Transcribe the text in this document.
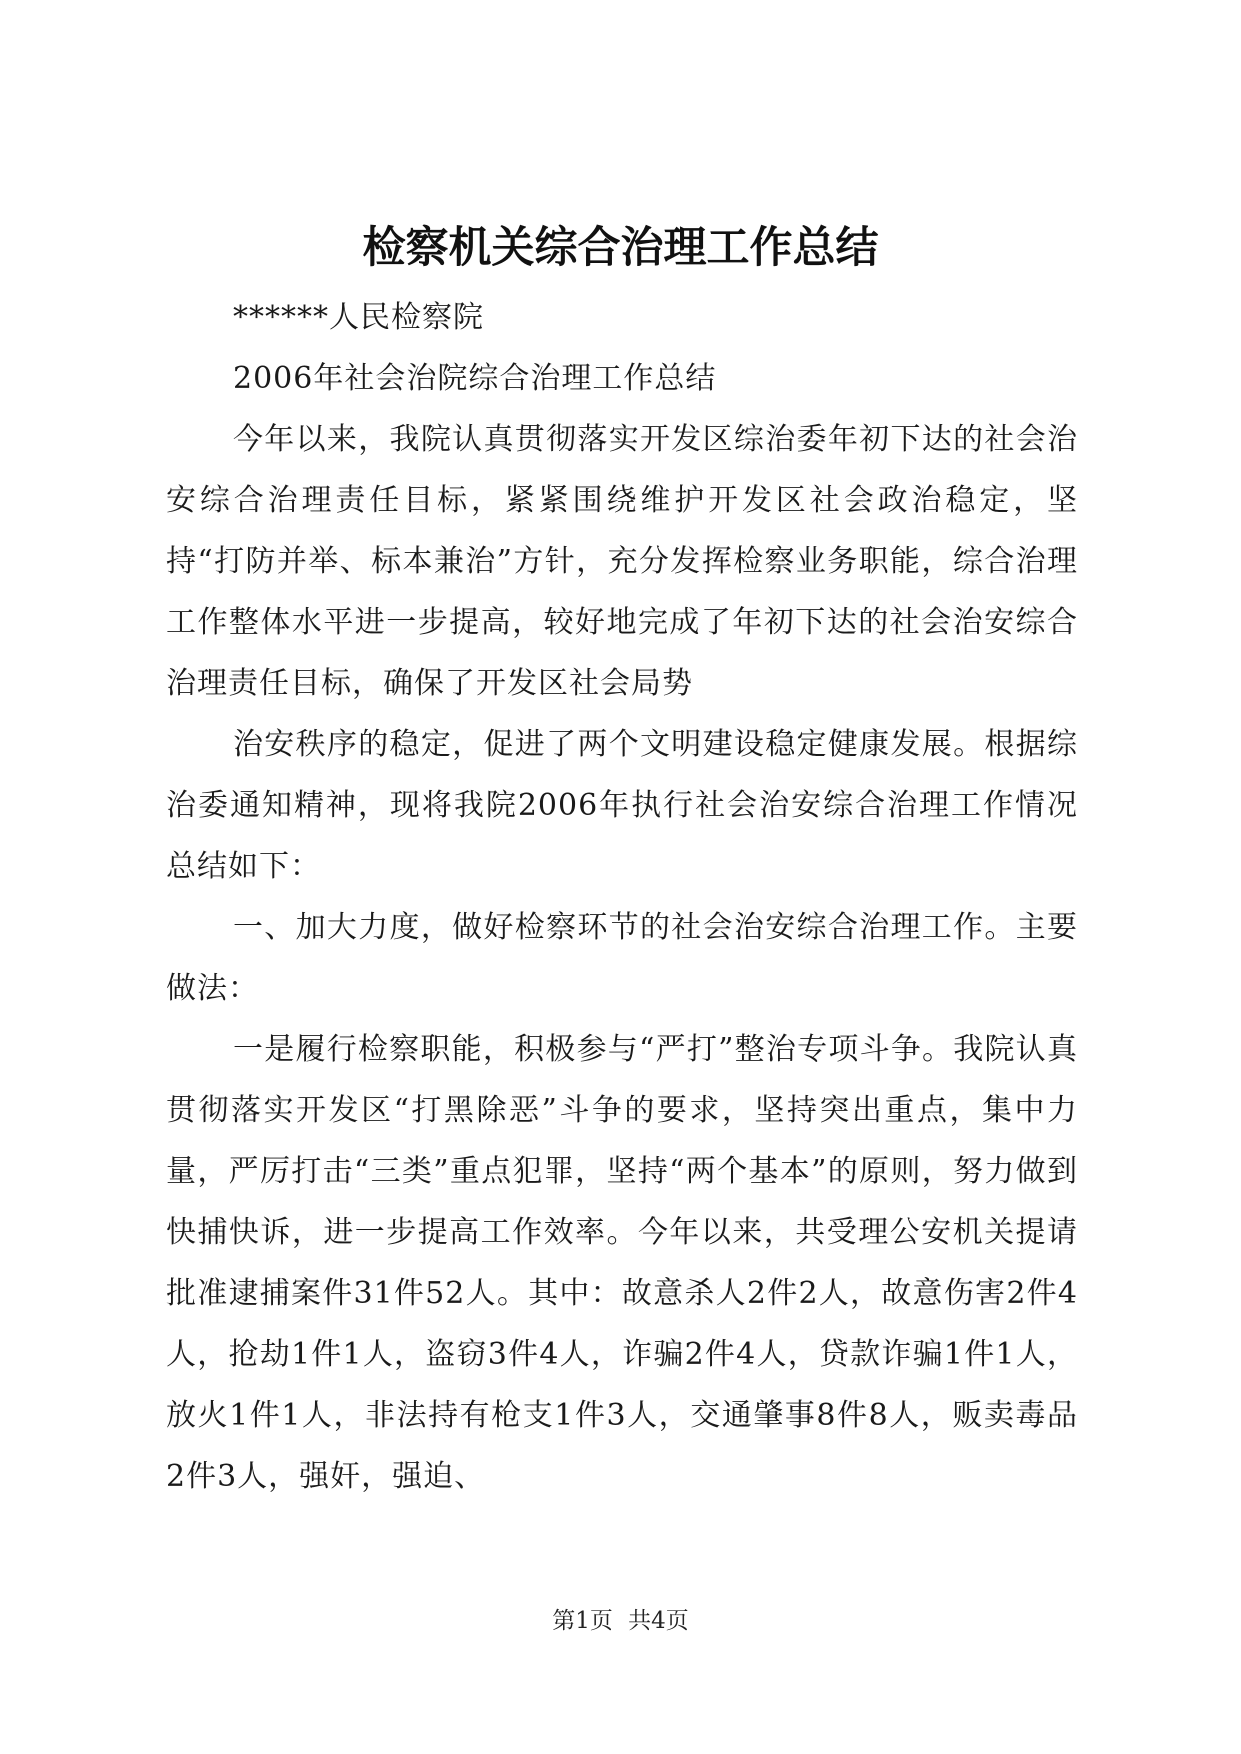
检察机关综合治理工作总结

******人民检察院

2006年社会治院综合治理工作总结

今年以来，我院认真贯彻落实开发区综治委年初下达的社会治安综合治理责任目标，紧紧围绕维护开发区社会政治稳定，坚持“打防并举、标本兼治”方针，充分发挥检察业务职能，综合治理工作整体水平进一步提高，较好地完成了年初下达的社会治安综合治理责任目标，确保了开发区社会局势

治安秩序的稳定，促进了两个文明建设稳定健康发展。根据综治委通知精神，现将我院2006年执行社会治安综合治理工作情况总结如下：

一、加大力度，做好检察环节的社会治安综合治理工作。主要做法：

一是履行检察职能，积极参与“严打”整治专项斗争。我院认真贯彻落实开发区“打黑除恶”斗争的要求，坚持突出重点，集中力量，严厉打击“三类”重点犯罪，坚持“两个基本”的原则，努力做到快捕快诉，进一步提高工作效率。今年以来，共受理公安机关提请批准逮捕案件31件52人。其中：故意杀人2件2人，故意伤害2件4人，抢劫1件1人，盗窃3件4人，诈骗2件4人，贷款诈骗1件1人，放火1件1人，非法持有枪支1件3人，交通肇事8件8人，贩卖毒品2件3人，强奸，强迫、

第1页 共4页
